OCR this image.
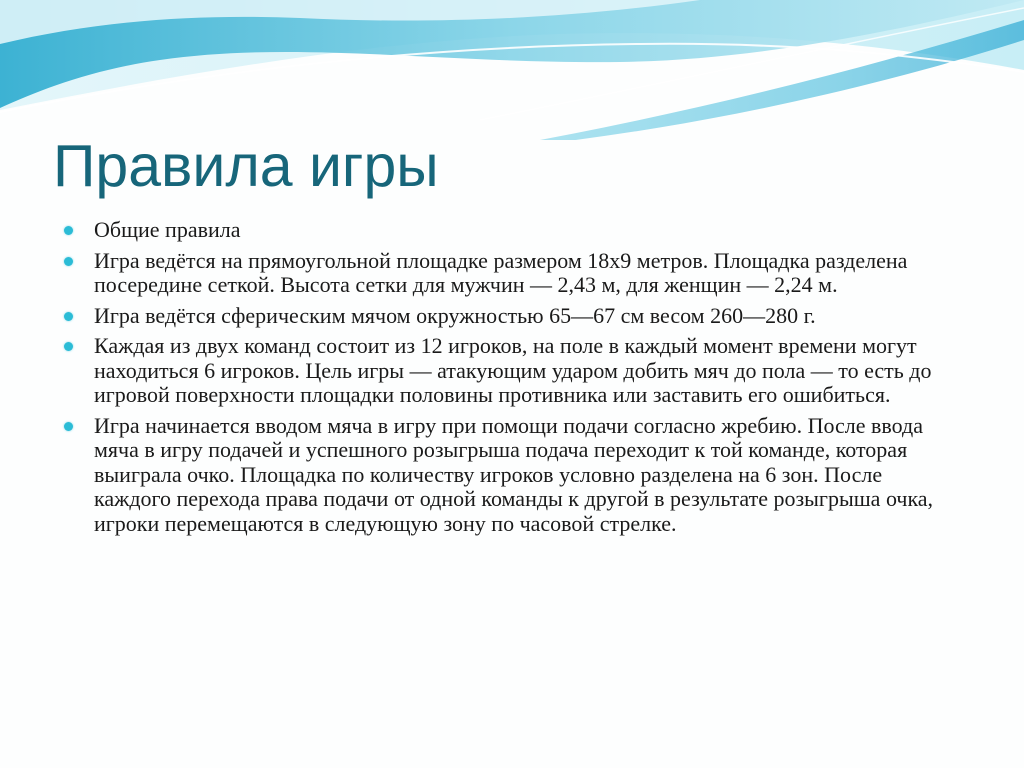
Правила игры
Общие правила
Игра ведётся на прямоугольной площадке размером 18х9 метров. Площадка разделена посередине сеткой. Высота сетки для мужчин — 2,43 м, для женщин — 2,24 м.
Игра ведётся сферическим мячом окружностью 65—67 см весом 260—280 г.
Каждая из двух команд состоит из 12 игроков, на поле в каждый момент времени могут находиться 6 игроков. Цель игры — атакующим ударом добить мяч до пола — то есть до игровой поверхности площадки половины противника или заставить его ошибиться.
Игра начинается вводом мяча в игру при помощи подачи согласно жребию. После ввода мяча в игру подачей и успешного розыгрыша подача переходит к той команде, которая выиграла очко. Площадка по количеству игроков условно разделена на 6 зон. После каждого перехода права подачи от одной команды к другой в результате розыгрыша очка, игроки перемещаются в следующую зону по часовой стрелке.
